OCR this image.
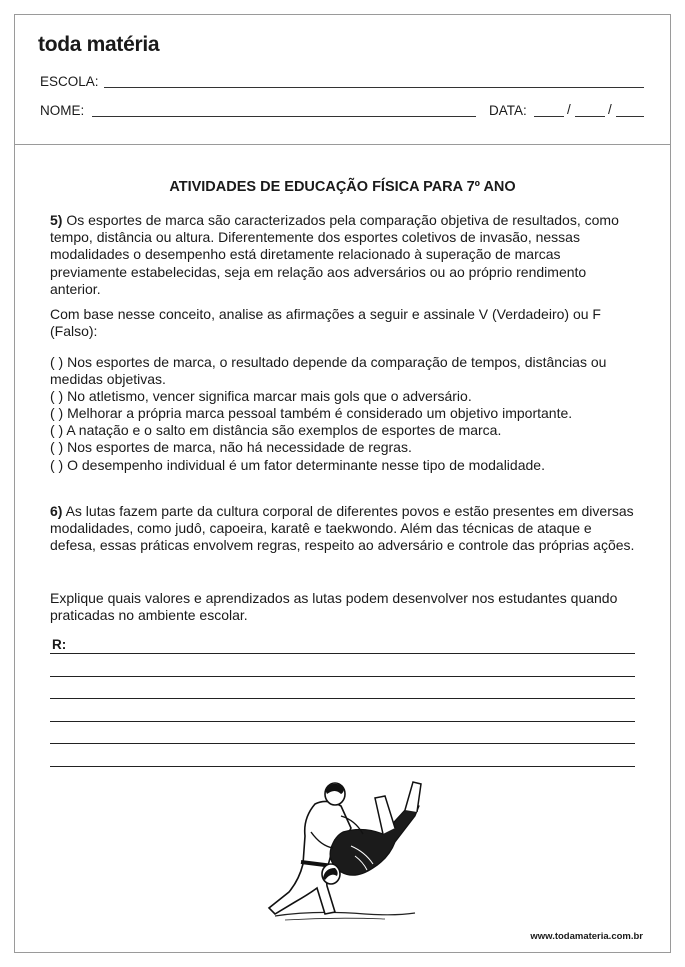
toda matéria
ESCOLA:
NOME:	DATA:	/	/
ATIVIDADES DE EDUCAÇÃO FÍSICA PARA 7º ANO
5) Os esportes de marca são caracterizados pela comparação objetiva de resultados, como tempo, distância ou altura. Diferentemente dos esportes coletivos de invasão, nessas modalidades o desempenho está diretamente relacionado à superação de marcas previamente estabelecidas, seja em relação aos adversários ou ao próprio rendimento anterior.
Com base nesse conceito, analise as afirmações a seguir e assinale V (Verdadeiro) ou F (Falso):
( ) Nos esportes de marca, o resultado depende da comparação de tempos, distâncias ou medidas objetivas.
( ) No atletismo, vencer significa marcar mais gols que o adversário.
( ) Melhorar a própria marca pessoal também é considerado um objetivo importante.
( ) A natação e o salto em distância são exemplos de esportes de marca.
( ) Nos esportes de marca, não há necessidade de regras.
( ) O desempenho individual é um fator determinante nesse tipo de modalidade.
6) As lutas fazem parte da cultura corporal de diferentes povos e estão presentes em diversas modalidades, como judô, capoeira, karatê e taekwondo. Além das técnicas de ataque e defesa, essas práticas envolvem regras, respeito ao adversário e controle das próprias ações.
Explique quais valores e aprendizados as lutas podem desenvolver nos estudantes quando praticadas no ambiente escolar.
R:
www.todamateria.com.br
